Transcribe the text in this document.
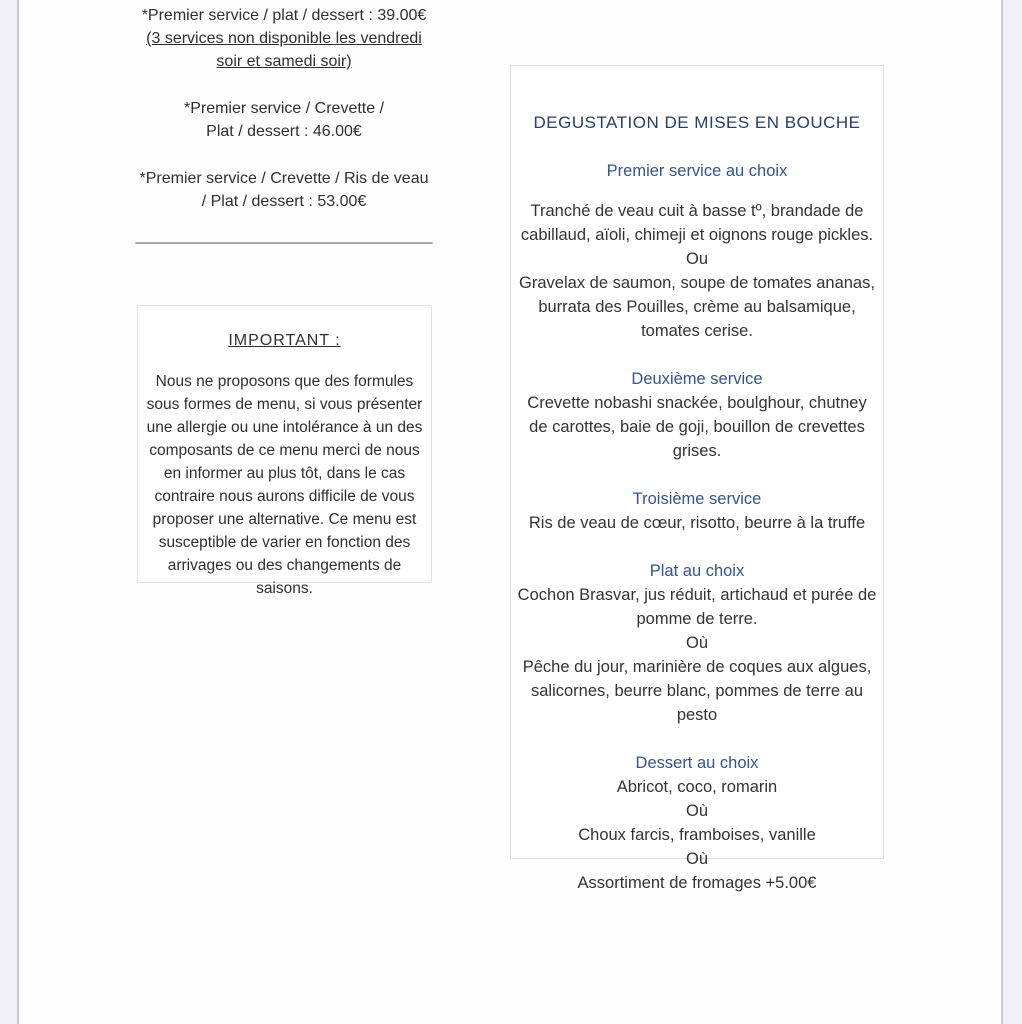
*Premier service / plat / dessert : 39.00€
(3 services non disponible les vendredi
soir et samedi soir)
*Premier service / Crevette /
Plat / dessert : 46.00€
*Premier service / Crevette / Ris de veau
/ Plat / dessert : 53.00€
IMPORTANT :
Nous ne proposons que des formules sous formes de menu, si vous présenter une allergie ou une intolérance à un des composants de ce menu merci de nous en informer au plus tôt, dans le cas contraire nous aurons difficile de vous proposer une alternative. Ce menu est susceptible de varier en fonction des arrivages ou des changements de saisons.
DEGUSTATION DE MISES EN BOUCHE
Premier service au choix

Tranché de veau cuit à basse tº, brandade de cabillaud, aïoli, chimeji et oignons rouge pickles.

Ou

Gravelax de saumon, soupe de tomates ananas, burrata des Pouilles, crème au balsamique, tomates cerise.

Deuxième service

Crevette nobashi snackée, boulghour, chutney de carottes, baie de goji, bouillon de crevettes grises.

Troisième service

Ris de veau de cœur, risotto, beurre à la truffe

Plat au choix

Cochon Brasvar, jus réduit, artichaud et purée de pomme de terre.

Où

Pêche du jour, marinière de coques aux algues, salicornes, beurre blanc, pommes de terre au pesto

Dessert au choix

Abricot, coco, romarin

Où

Choux farcis, framboises, vanille

Où

Assortiment de fromages +5.00€
